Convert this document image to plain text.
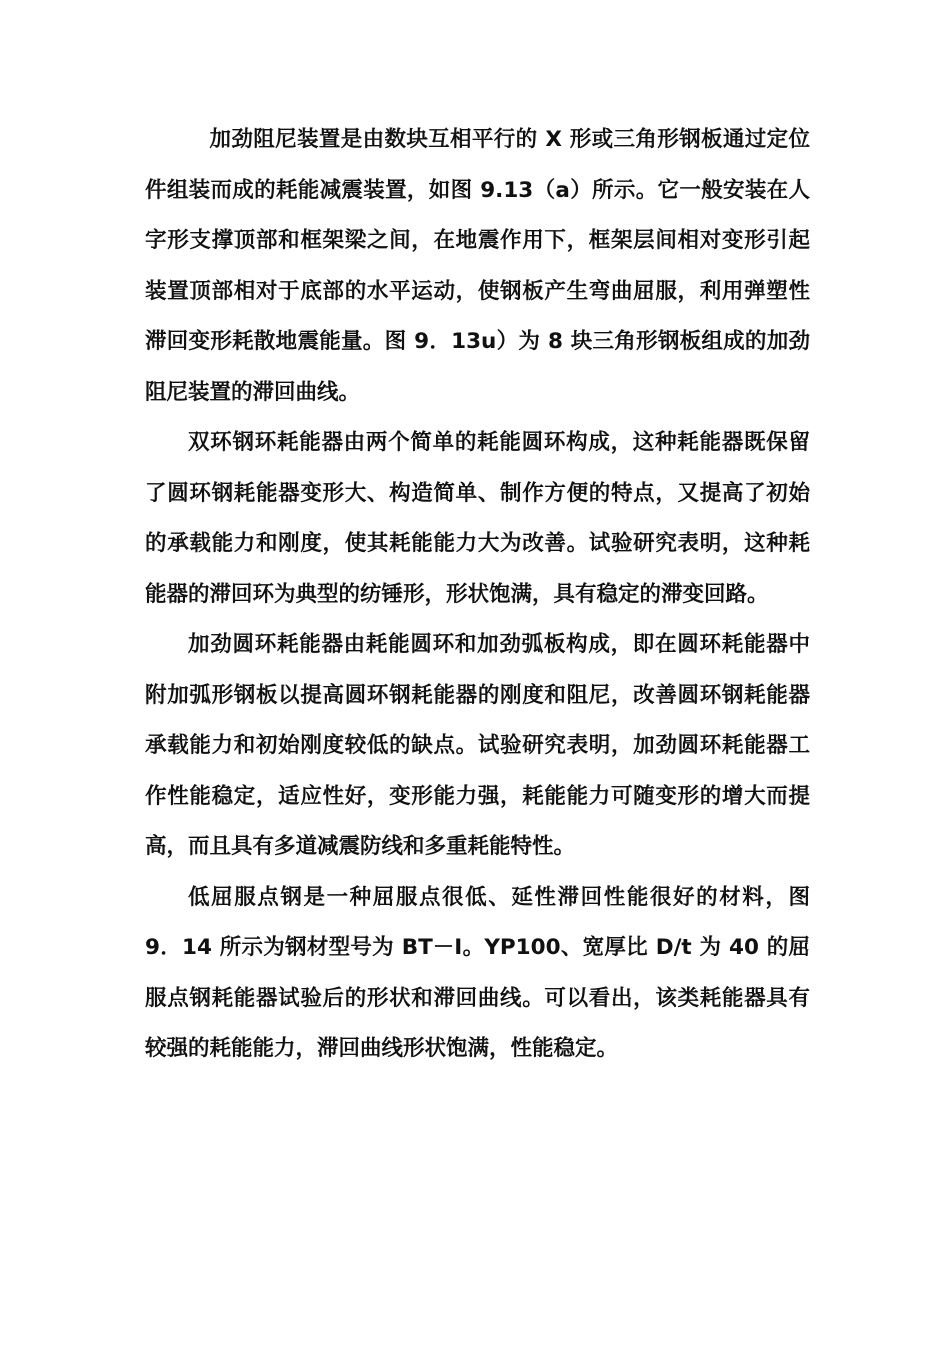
加劲阻尼装置是由数块互相平行的 X 形或三角形钢板通过定位件组装而成的耗能减震装置，如图 9.13（a）所示。它一般安装在人字形支撑顶部和框架梁之间，在地震作用下，框架层间相对变形引起装置顶部相对于底部的水平运动，使钢板产生弯曲屈服，利用弹塑性滞回变形耗散地震能量。图 9．13u）为 8 块三角形钢板组成的加劲阻尼装置的滞回曲线。

双环钢环耗能器由两个简单的耗能圆环构成，这种耗能器既保留了圆环钢耗能器变形大、构造简单、制作方便的特点，又提高了初始的承载能力和刚度，使其耗能能力大为改善。试验研究表明，这种耗能器的滞回环为典型的纺锤形，形状饱满，具有稳定的滞变回路。

加劲圆环耗能器由耗能圆环和加劲弧板构成，即在圆环耗能器中附加弧形钢板以提高圆环钢耗能器的刚度和阻尼，改善圆环钢耗能器承载能力和初始刚度较低的缺点。试验研究表明，加劲圆环耗能器工作性能稳定，适应性好，变形能力强，耗能能力可随变形的增大而提高，而且具有多道减震防线和多重耗能特性。

低屈服点钢是一种屈服点很低、延性滞回性能很好的材料，图 9．14 所示为钢材型号为 BT－I。YP100、宽厚比 D/t 为 40 的屈服点钢耗能器试验后的形状和滞回曲线。可以看出，该类耗能器具有较强的耗能能力，滞回曲线形状饱满，性能稳定。
